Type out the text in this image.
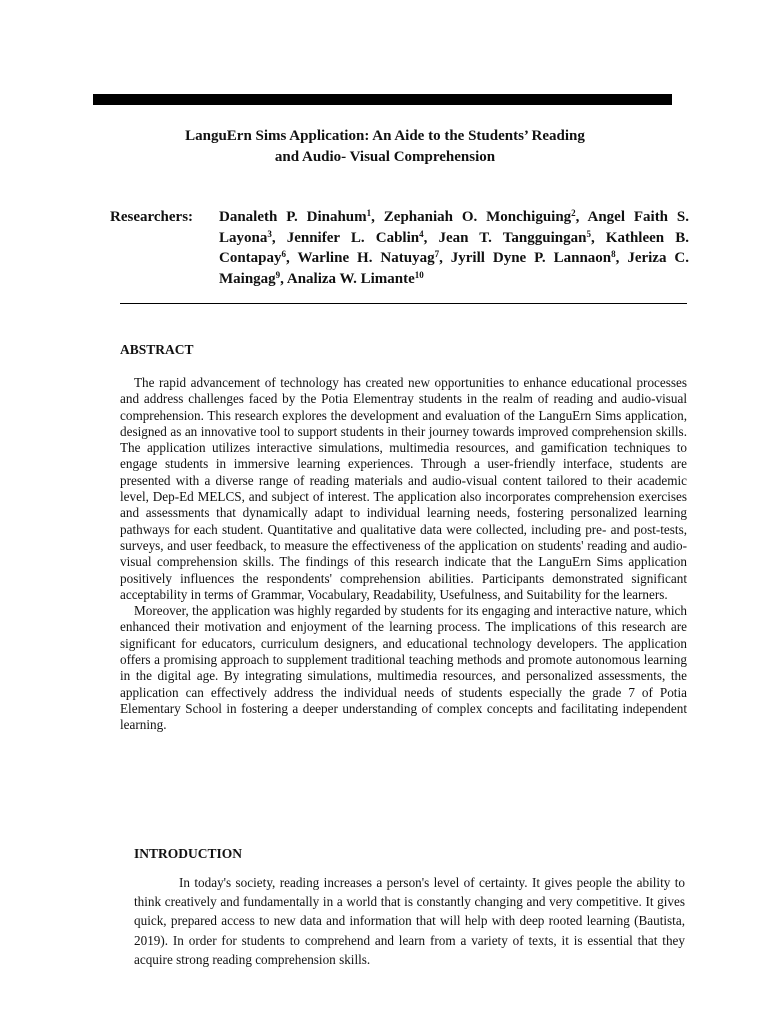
LanguErn Sims Application: An Aide to the Students’ Reading
and Audio- Visual Comprehension
Researchers: Danaleth P. Dinahum$^1$, Zephaniah O. Monchiguing$^2$, Angel Faith S. Layona$^3$, Jennifer L. Cablin$^4$, Jean T. Tangguingan$^5$, Kathleen B. Contapay$^6$, Warline H. Natuyag$^7$, Jyrill Dyne P. Lannaon$^8$, Jeriza C. Maingag$^9$, Analiza W. Limante$^{10}$
ABSTRACT

The rapid advancement of technology has created new opportunities to enhance educational processes and address challenges faced by the Potia Elementray students in the realm of reading and audio-visual comprehension. This research explores the development and evaluation of the LanguErn Sims application, designed as an innovative tool to support students in their journey towards improved comprehension skills. The application utilizes interactive simulations, multimedia resources, and gamification techniques to engage students in immersive learning experiences. Through a user-friendly interface, students are presented with a diverse range of reading materials and audio-visual content tailored to their academic level, Dep-Ed MELCS, and subject of interest. The application also incorporates comprehension exercises and assessments that dynamically adapt to individual learning needs, fostering personalized learning pathways for each student. Quantitative and qualitative data were collected, including pre- and post-tests, surveys, and user feedback, to measure the effectiveness of the application on students' reading and audio-visual comprehension skills. The findings of this research indicate that the LanguErn Sims application positively influences the respondents' comprehension abilities. Participants demonstrated significant acceptability in terms of Grammar, Vocabulary, Readability, Usefulness, and Suitability for the learners.

Moreover, the application was highly regarded by students for its engaging and interactive nature, which enhanced their motivation and enjoyment of the learning process. The implications of this research are significant for educators, curriculum designers, and educational technology developers. The application offers a promising approach to supplement traditional teaching methods and promote autonomous learning in the digital age. By integrating simulations, multimedia resources, and personalized assessments, the application can effectively address the individual needs of students especially the grade 7 of Potia Elementary School in fostering a deeper understanding of complex concepts and facilitating independent learning.

INTRODUCTION

In today's society, reading increases a person's level of certainty. It gives people the ability to think creatively and fundamentally in a world that is constantly changing and very competitive. It gives quick, prepared access to new data and information that will help with deep rooted learning (Bautista, 2019). In order for students to comprehend and learn from a variety of texts, it is essential that they acquire strong reading comprehension skills.
